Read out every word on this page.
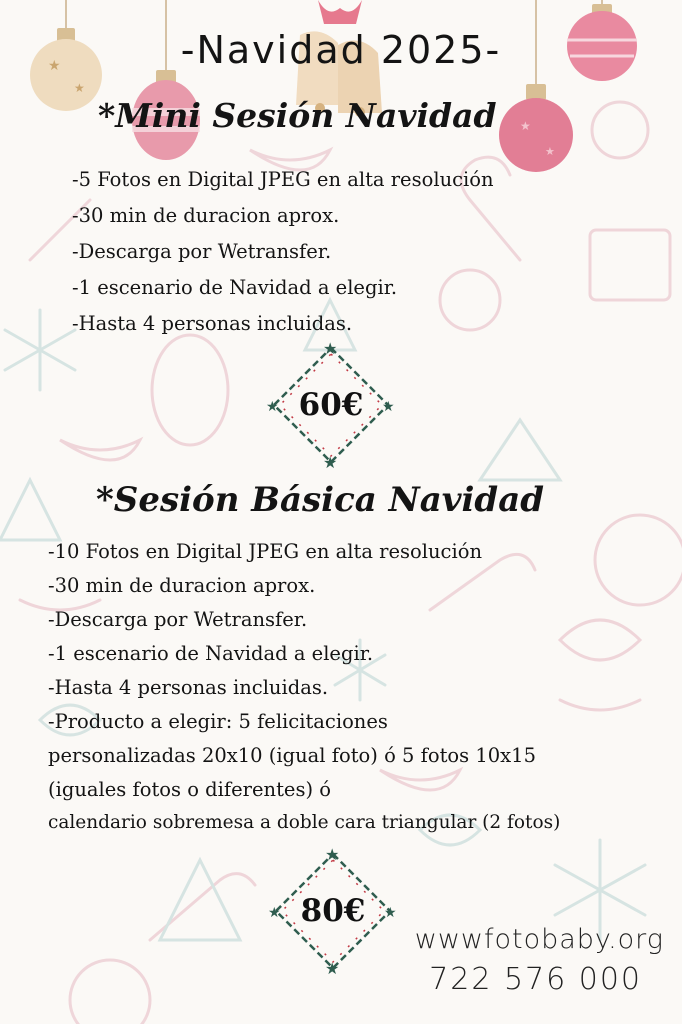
★
★
★
★
-Navidad 2025-
*Mini Sesión Navidad
-5 Fotos en Digital JPEG en alta resolución
-30 min de duracion aprox.
-Descarga por Wetransfer.
-1 escenario de Navidad a elegir.
-Hasta 4 personas incluidas.
★
★
★	★
60€
*Sesión Básica Navidad
-10 Fotos en Digital JPEG en alta resolución
-30 min de duracion aprox.
-Descarga por Wetransfer.
-1 escenario de Navidad a elegir.
-Hasta 4 personas incluidas.
-Producto a elegir: 5 felicitaciones
personalizadas 20x10 (igual foto) ó 5 fotos 10x15
(iguales fotos o diferentes) ó
calendario sobremesa a doble cara triangular (2 fotos)
★
★
★	★
80€
wwwfotobaby.org
722 576 000
